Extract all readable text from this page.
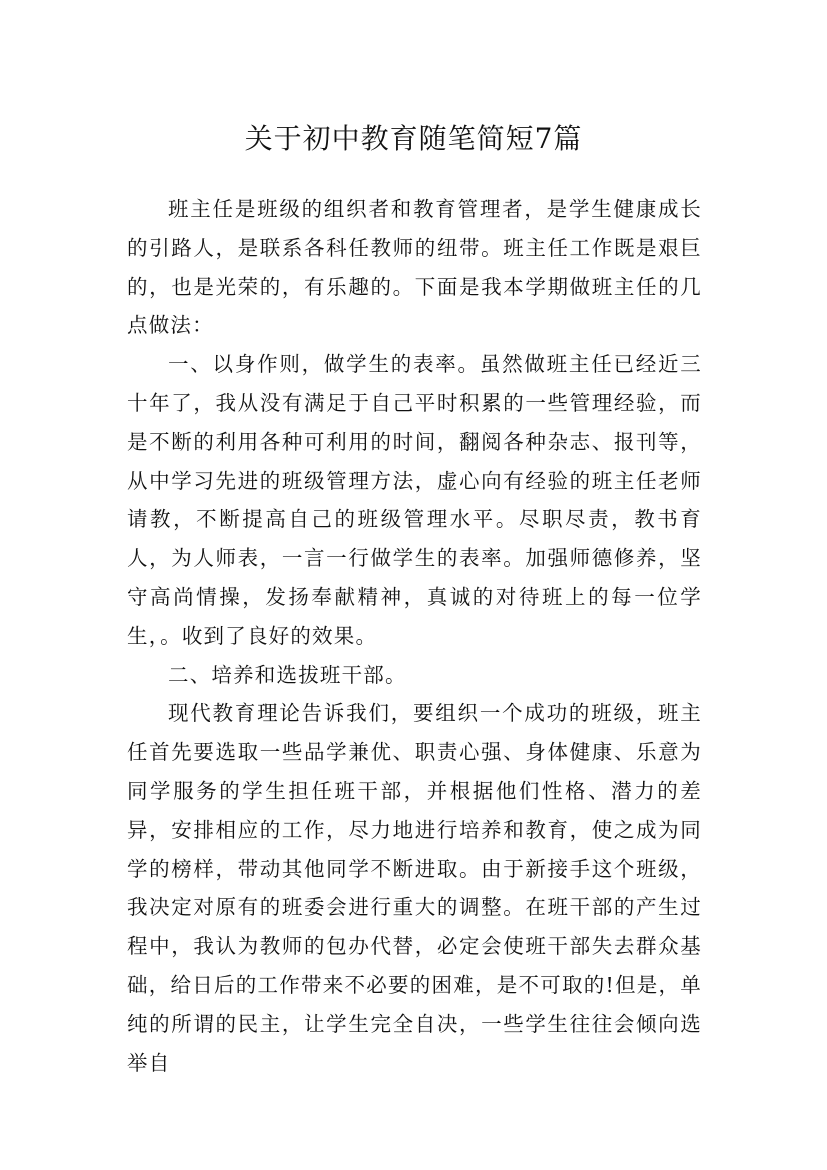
关于初中教育随笔简短7篇

班主任是班级的组织者和教育管理者，是学生健康成长的引路人，是联系各科任教师的纽带。班主任工作既是艰巨的，也是光荣的，有乐趣的。下面是我本学期做班主任的几点做法：

一、以身作则，做学生的表率。虽然做班主任已经近三十年了，我从没有满足于自己平时积累的一些管理经验，而是不断的利用各种可利用的时间，翻阅各种杂志、报刊等，从中学习先进的班级管理方法，虚心向有经验的班主任老师请教，不断提高自己的班级管理水平。尽职尽责，教书育人，为人师表，一言一行做学生的表率。加强师德修养，坚守高尚情操，发扬奉献精神，真诚的对待班上的每一位学生，。收到了良好的效果。

二、培养和选拔班干部。

现代教育理论告诉我们，要组织一个成功的班级，班主任首先要选取一些品学兼优、职责心强、身体健康、乐意为同学服务的学生担任班干部，并根据他们性格、潜力的差异，安排相应的工作，尽力地进行培养和教育，使之成为同学的榜样，带动其他同学不断进取。由于新接手这个班级，我决定对原有的班委会进行重大的调整。在班干部的产生过程中，我认为教师的包办代替，必定会使班干部失去群众基础，给日后的工作带来不必要的困难，是不可取的!但是，单纯的所谓的民主，让学生完全自决，一些学生往往会倾向选举自
